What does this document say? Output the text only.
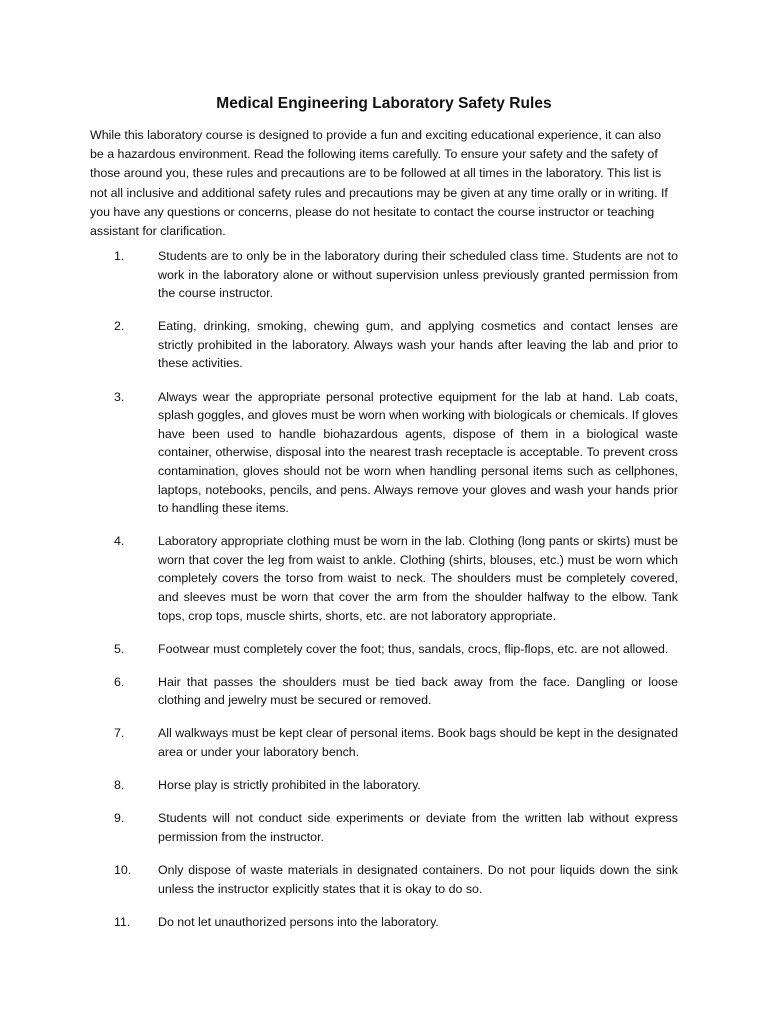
Medical Engineering Laboratory Safety Rules

While this laboratory course is designed to provide a fun and exciting educational experience, it can also be a hazardous environment. Read the following items carefully. To ensure your safety and the safety of those around you, these rules and precautions are to be followed at all times in the laboratory. This list is not all inclusive and additional safety rules and precautions may be given at any time orally or in writing. If you have any questions or concerns, please do not hesitate to contact the course instructor or teaching assistant for clarification.

1.	Students are to only be in the laboratory during their scheduled class time. Students are not to work in the laboratory alone or without supervision unless previously granted permission from the course instructor.
2.	Eating, drinking, smoking, chewing gum, and applying cosmetics and contact lenses are strictly prohibited in the laboratory. Always wash your hands after leaving the lab and prior to these activities.
3.	Always wear the appropriate personal protective equipment for the lab at hand. Lab coats, splash goggles, and gloves must be worn when working with biologicals or chemicals. If gloves have been used to handle biohazardous agents, dispose of them in a biological waste container, otherwise, disposal into the nearest trash receptacle is acceptable. To prevent cross contamination, gloves should not be worn when handling personal items such as cellphones, laptops, notebooks, pencils, and pens. Always remove your gloves and wash your hands prior to handling these items.
4.	Laboratory appropriate clothing must be worn in the lab. Clothing (long pants or skirts) must be worn that cover the leg from waist to ankle. Clothing (shirts, blouses, etc.) must be worn which completely covers the torso from waist to neck. The shoulders must be completely covered, and sleeves must be worn that cover the arm from the shoulder halfway to the elbow. Tank tops, crop tops, muscle shirts, shorts, etc. are not laboratory appropriate.
5.	Footwear must completely cover the foot; thus, sandals, crocs, flip-flops, etc. are not allowed.
6.	Hair that passes the shoulders must be tied back away from the face. Dangling or loose clothing and jewelry must be secured or removed.
7.	All walkways must be kept clear of personal items. Book bags should be kept in the designated area or under your laboratory bench.
8.	Horse play is strictly prohibited in the laboratory.
9.	Students will not conduct side experiments or deviate from the written lab without express permission from the instructor.
10.	Only dispose of waste materials in designated containers. Do not pour liquids down the sink unless the instructor explicitly states that it is okay to do so.
11.	Do not let unauthorized persons into the laboratory.
